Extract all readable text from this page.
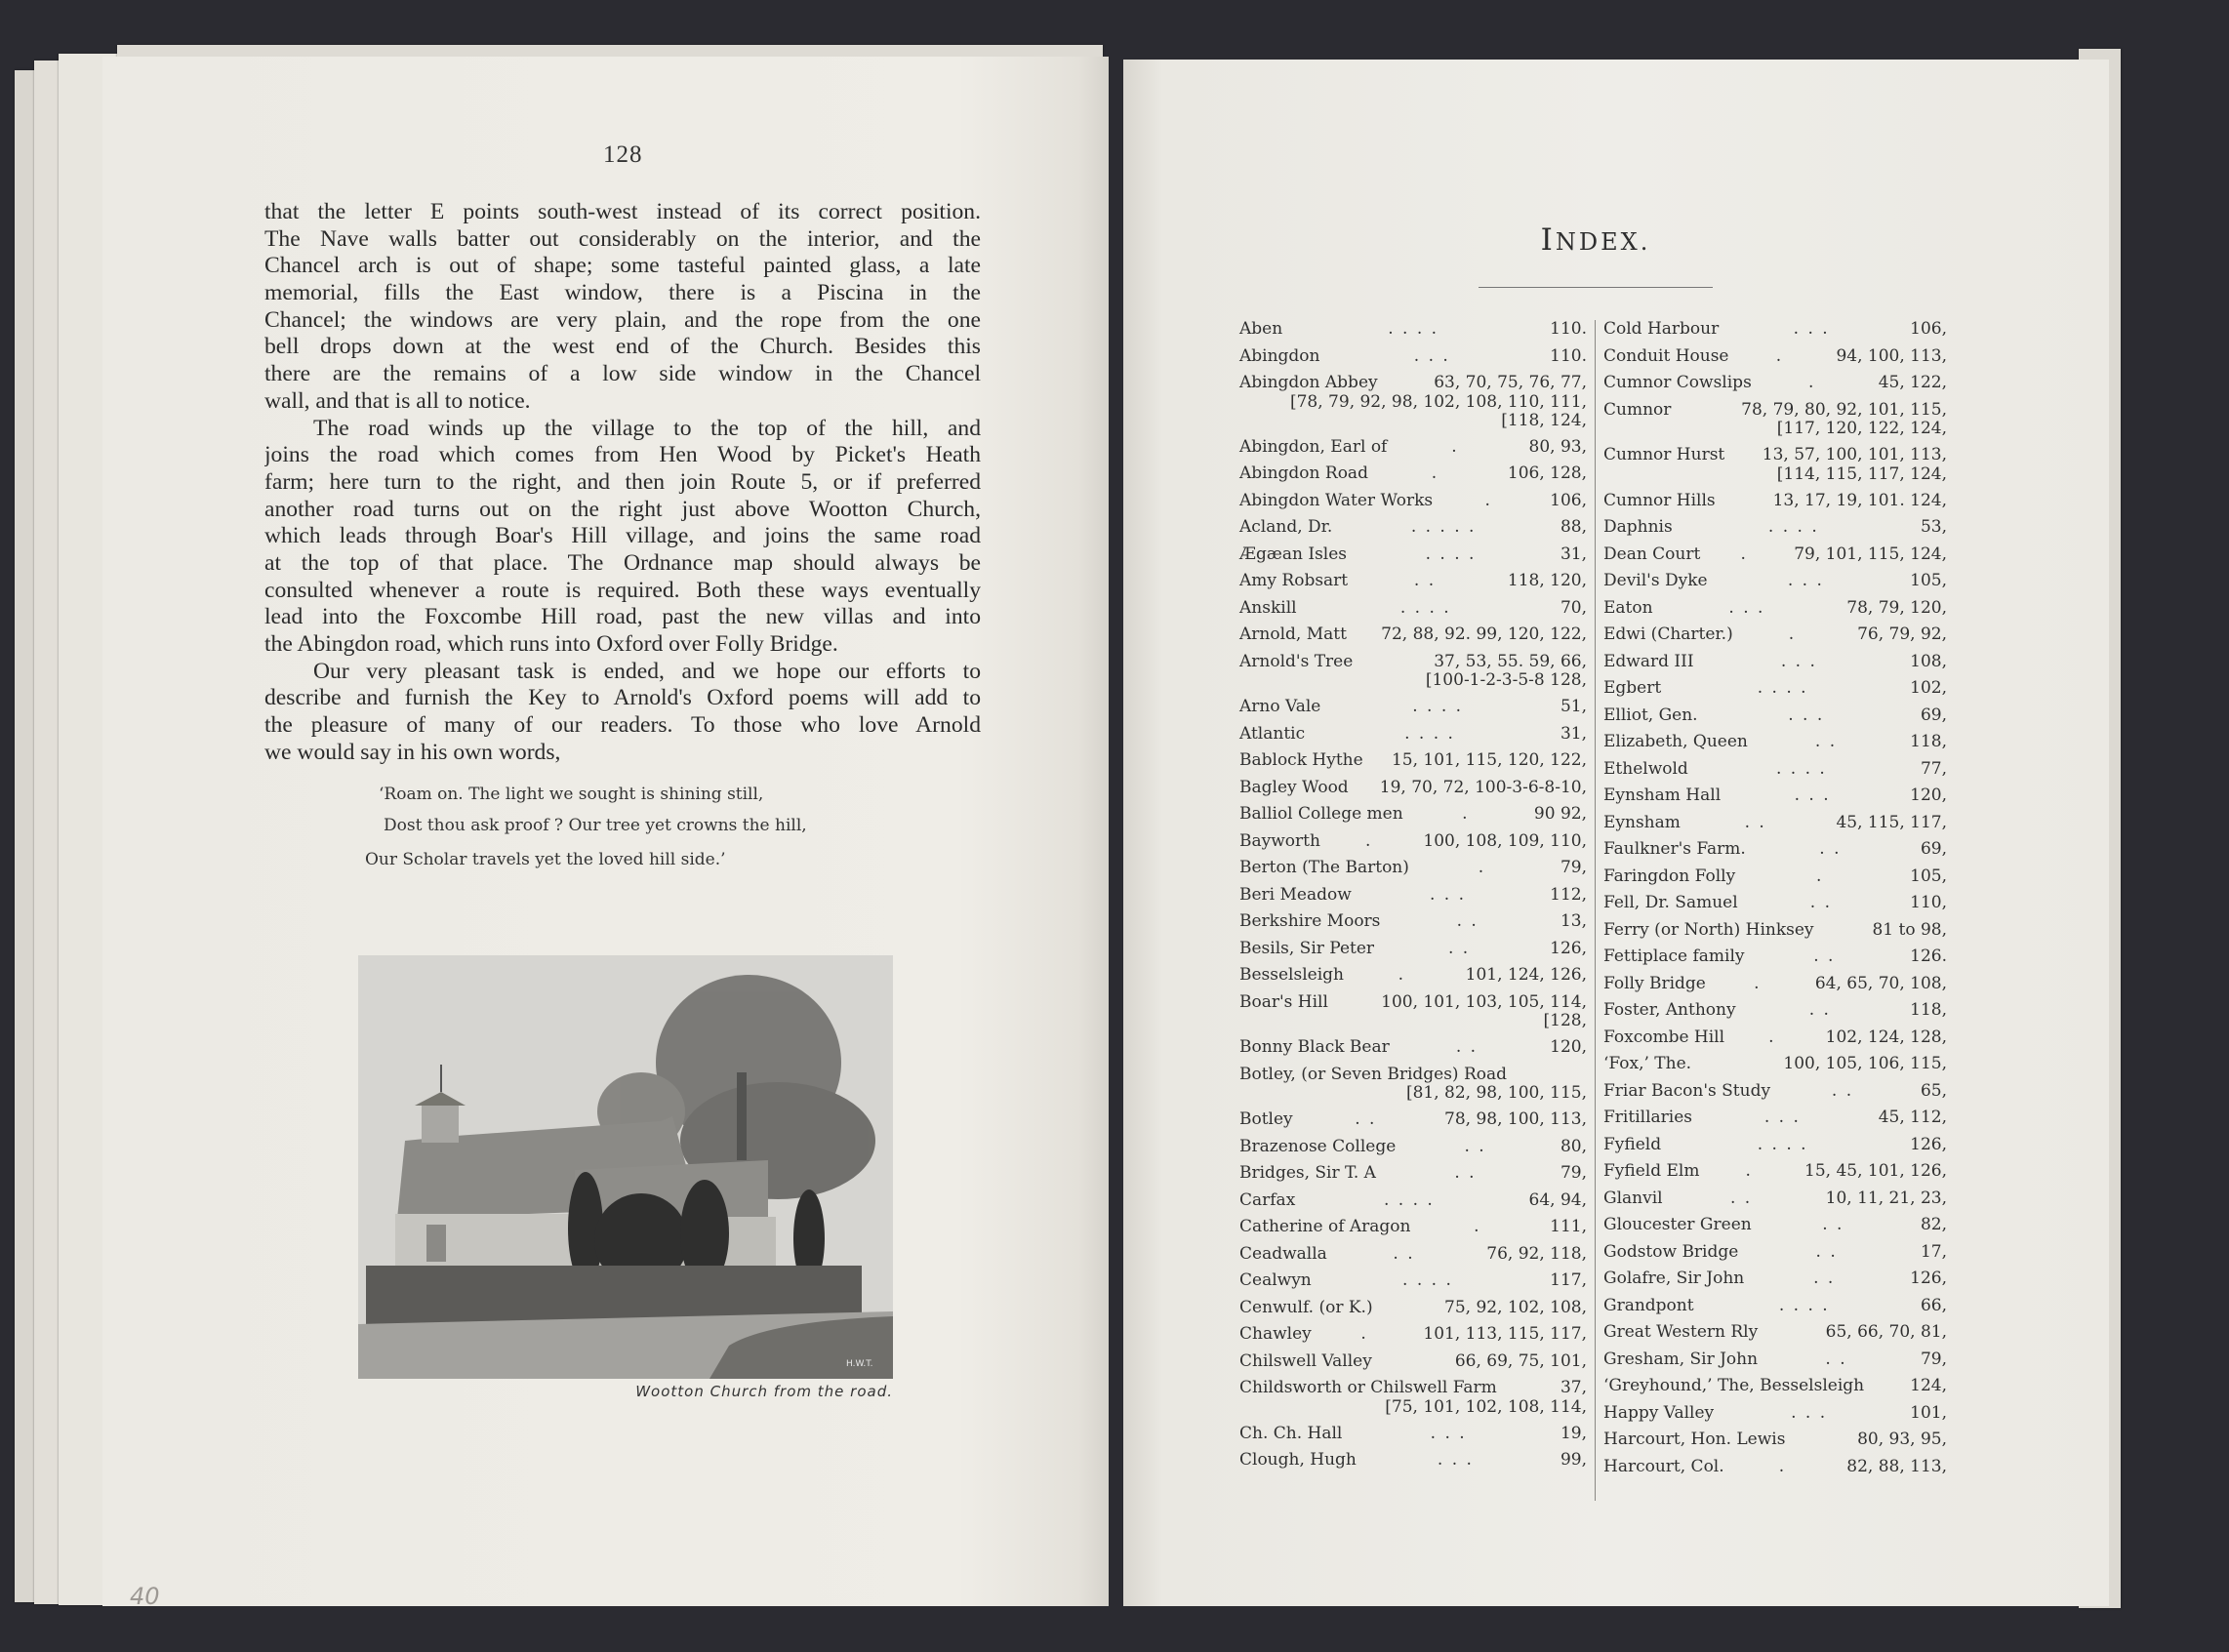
128
that the letter E points south-west instead of its correct position.
The Nave walls batter out considerably on the interior, and the
Chancel arch is out of shape; some tasteful painted glass, a late
memorial, fills the East window, there is a Piscina in the
Chancel; the windows are very plain, and the rope from the one
bell drops down at the west end of the Church. Besides this
there are the remains of a low side window in the Chancel
wall, and that is all to notice.
The road winds up the village to the top of the hill, and
joins the road which comes from Hen Wood by Picket's Heath
farm; here turn to the right, and then join Route 5, or if preferred
another road turns out on the right just above Wootton Church,
which leads through Boar's Hill village, and joins the same road
at the top of that place. The Ordnance map should always be
consulted whenever a route is required. Both these ways eventually
lead into the Foxcombe Hill road, past the new villas and into
the Abingdon road, which runs into Oxford over Folly Bridge.
Our very pleasant task is ended, and we hope our efforts to
describe and furnish the Key to Arnold's Oxford poems will add to
the pleasure of many of our readers. To those who love Arnold
we would say in his own words,
‘Roam on. The light we sought is shining still,
Dost thou ask proof ? Our tree yet crowns the hill,
Our Scholar travels yet the loved hill side.’
H.W.T.
Wootton Church from the road.
40
INDEX.
Aben	. . . .	110.
Abingdon	. . .	110.
Abingdon Abbey	63, 70, 75, 76, 77,
[78, 79, 92, 98, 102, 108, 110, 111,
[118, 124,
Abingdon, Earl of	.	80, 93,
Abingdon Road	.	106, 128,
Abingdon Water Works	.	106,
Acland, Dr.	. . . . .	88,
Ægæan Isles	. . . .	31,
Amy Robsart	. .	118, 120,
Anskill	. . . .	70,
Arnold, Matt 72, 88, 92. 99, 120, 122,
Arnold's Tree	37, 53, 55. 59, 66,
[100-1-2-3-5-8 128,
Arno Vale	. . . .	51,
Atlantic	. . . .	31,
Bablock Hythe 15, 101, 115, 120, 122,
Bagley Wood 19, 70, 72, 100-3-6-8-10,
Balliol College men	.	90 92,
Bayworth	.	100, 108, 109, 110,
Berton (The Barton)	.	79,
Beri Meadow	. . .	112,
Berkshire Moors	. .	13,
Besils, Sir Peter	. .	126,
Besselsleigh	.	101, 124, 126,
Boar's Hill	100, 101, 103, 105, 114,
[128,
Bonny Black Bear	. .	120,
Botley, (or Seven Bridges) Road
[81, 82, 98, 100, 115,
Botley	. .	78, 98, 100, 113,
Brazenose College	. .	80,
Bridges, Sir T. A	. .	79,
Carfax	. . . .	64, 94,
Catherine of Aragon	.	111,
Ceadwalla	. .	76, 92, 118,
Cealwyn	. . . .	117,
Cenwulf. (or K.)	75, 92, 102, 108,
Chawley	.	101, 113, 115, 117,
Chilswell Valley	66, 69, 75, 101,
Childsworth or Chilswell Farm	37,
[75, 101, 102, 108, 114,
Ch. Ch. Hall	. . .	19,
Clough, Hugh	. . .	99,
Cold Harbour	. . .	106,
Conduit House	.	94, 100, 113,
Cumnor Cowslips	.	45, 122,
Cumnor	78, 79, 80, 92, 101, 115,
[117, 120, 122, 124,
Cumnor Hurst 13, 57, 100, 101, 113,
[114, 115, 117, 124,
Cumnor Hills	13, 17, 19, 101. 124,
Daphnis	. . . .	53,
Dean Court	.	79, 101, 115, 124,
Devil's Dyke	. . .	105,
Eaton	. . .	78, 79, 120,
Edwi (Charter.)	.	76, 79, 92,
Edward III	. . .	108,
Egbert	. . . .	102,
Elliot, Gen.	. . .	69,
Elizabeth, Queen	. .	118,
Ethelwold	. . . .	77,
Eynsham Hall	. . .	120,
Eynsham	. .	45, 115, 117,
Faulkner's Farm.	. .	69,
Faringdon Folly	.	105,
Fell, Dr. Samuel	. .	110,
Ferry (or North) Hinksey	81 to 98,
Fettiplace family	. .	126.
Folly Bridge	.	64, 65, 70, 108,
Foster, Anthony	. .	118,
Foxcombe Hill	.	102, 124, 128,
‘Fox,’ The.	100, 105, 106, 115,
Friar Bacon's Study	. .	65,
Fritillaries	. . .	45, 112,
Fyfield	. . . .	126,
Fyfield Elm	.	15, 45, 101, 126,
Glanvil	. .	10, 11, 21, 23,
Gloucester Green	. .	82,
Godstow Bridge	. .	17,
Golafre, Sir John	. .	126,
Grandpont	. . . .	66,
Great Western Rly	65, 66, 70, 81,
Gresham, Sir John	. .	79,
‘Greyhound,’ The, Besselsleigh	124,
Happy Valley	. . .	101,
Harcourt, Hon. Lewis	80, 93, 95,
Harcourt, Col.	.	82, 88, 113,
